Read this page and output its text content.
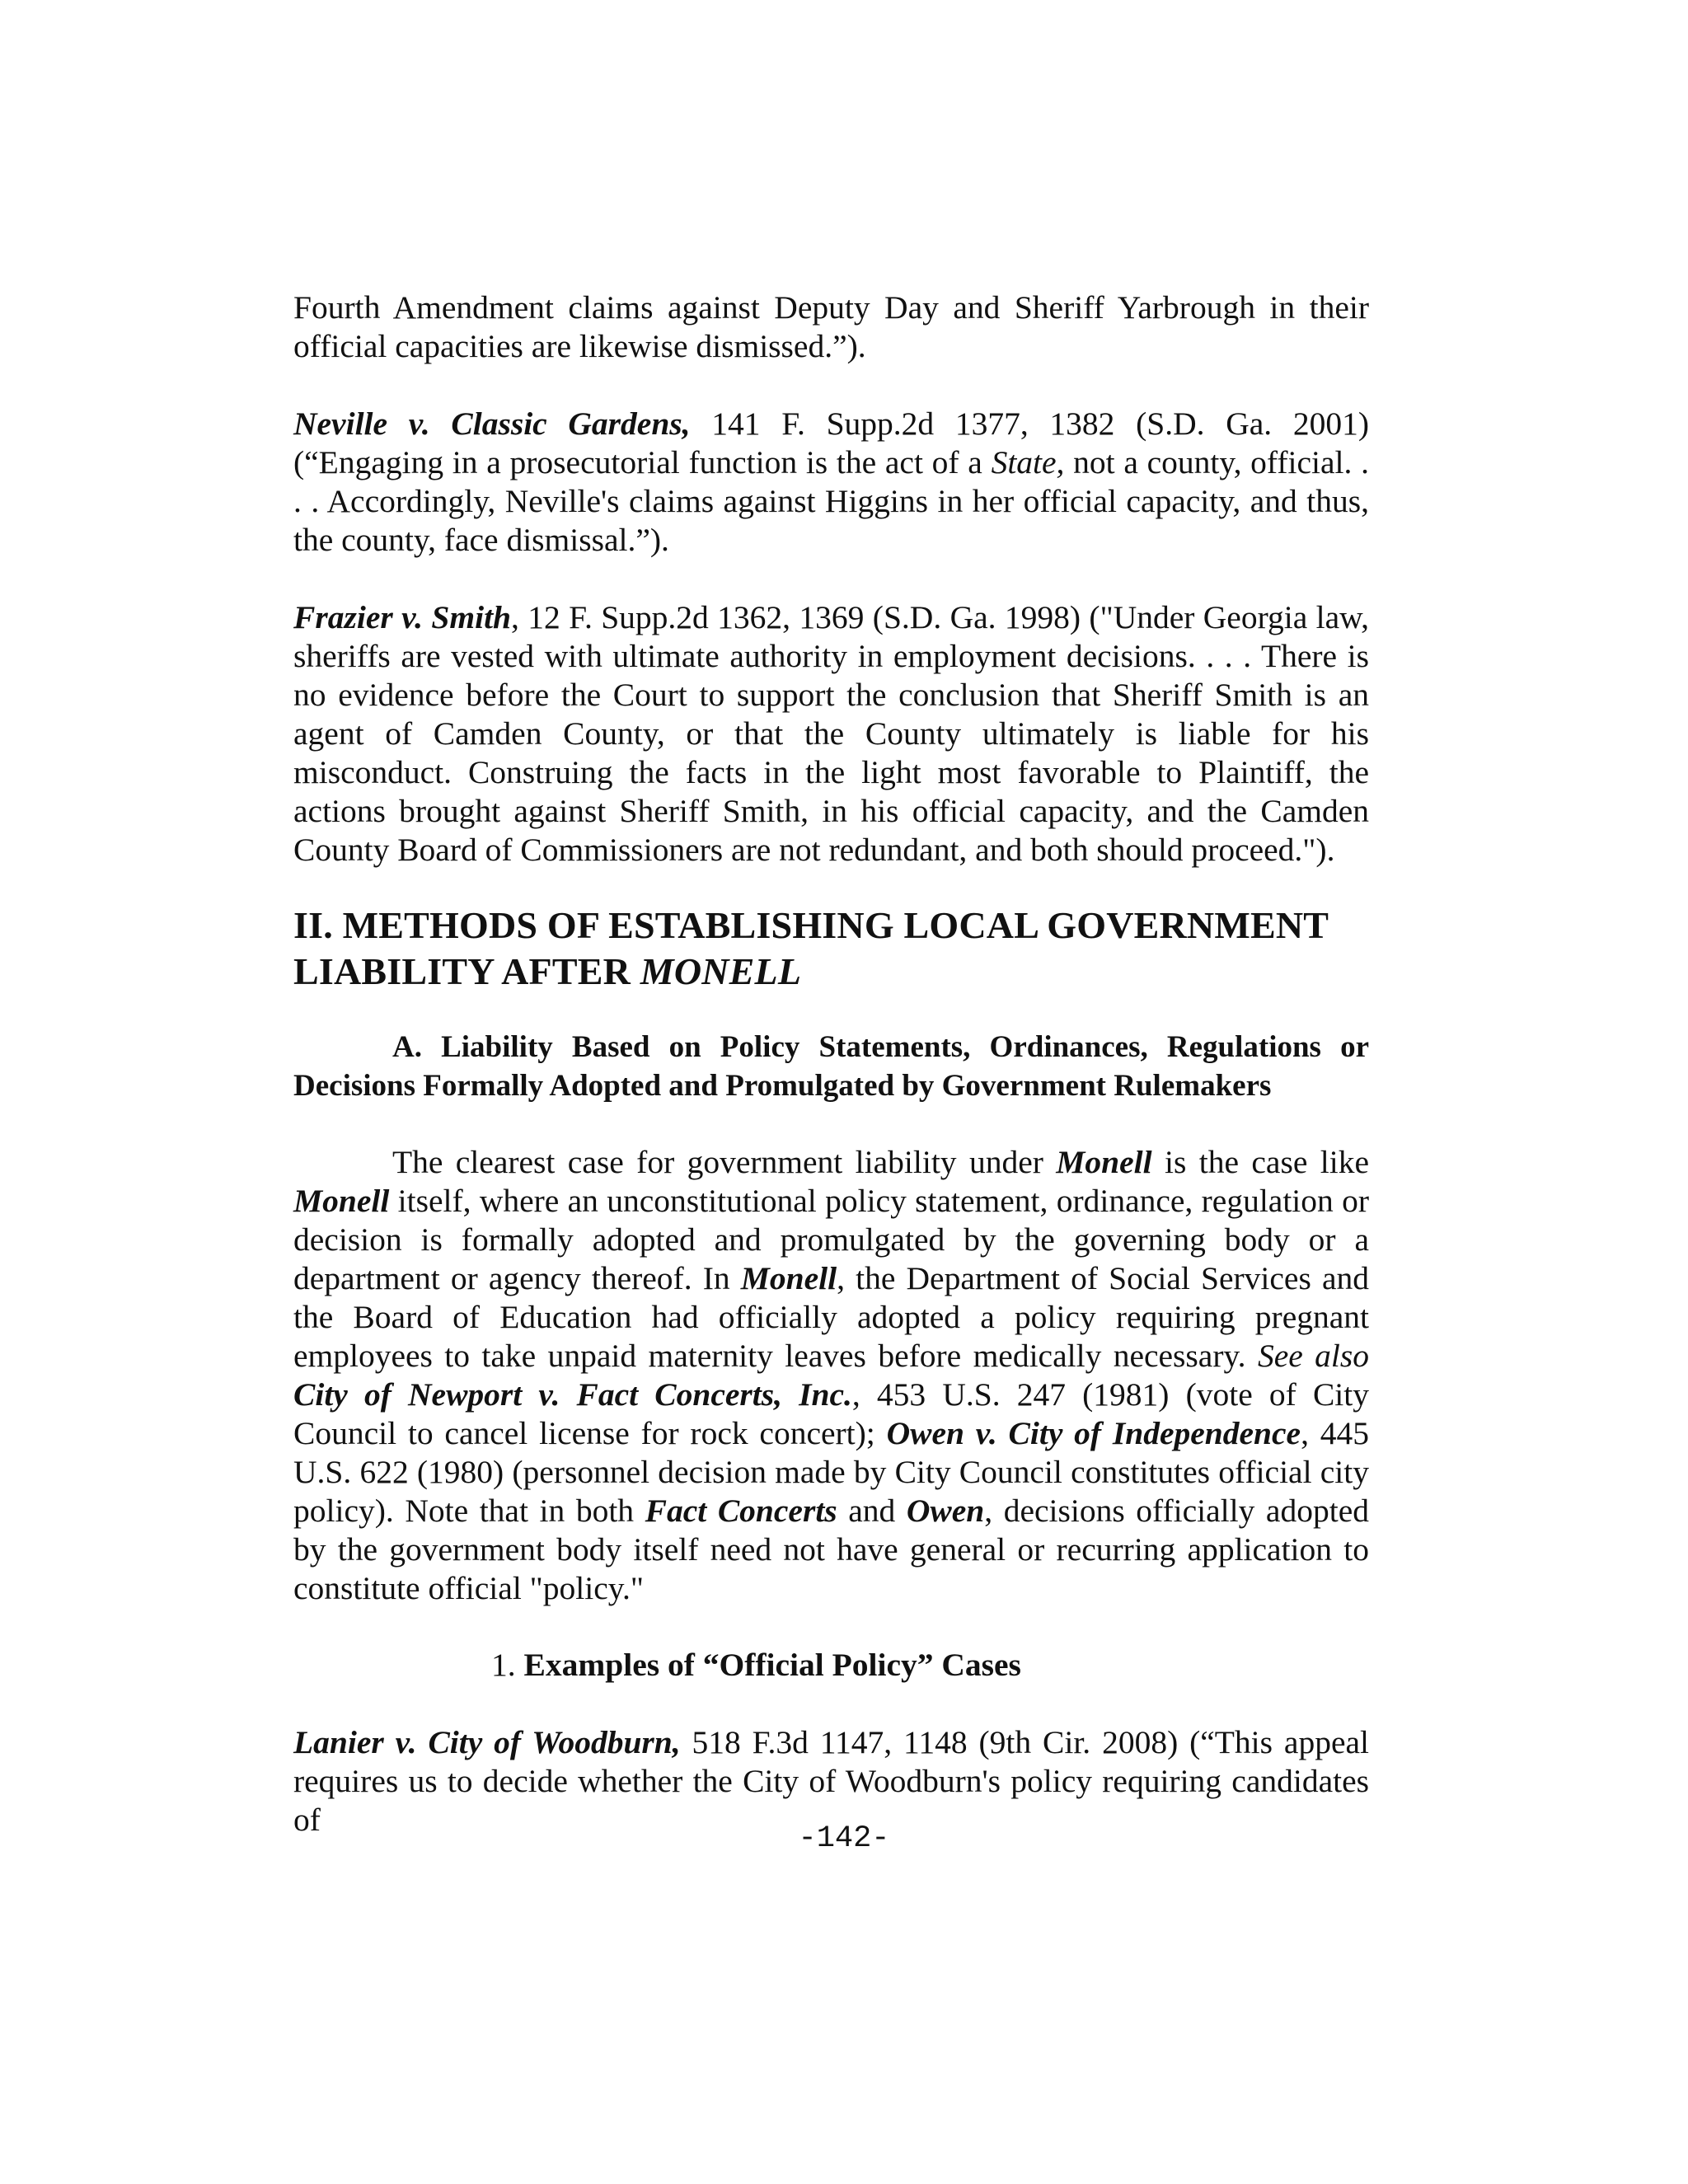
Fourth Amendment claims against Deputy Day and Sheriff Yarbrough in their official capacities are likewise dismissed.”).

Neville v. Classic Gardens, 141 F. Supp.2d 1377, 1382 (S.D. Ga. 2001) (“Engaging in a prosecutorial function is the act of a State, not a county, official. . . . Accordingly, Neville's claims against Higgins in her official capacity, and thus, the county, face dismissal.”).

Frazier v. Smith, 12 F. Supp.2d 1362, 1369 (S.D. Ga. 1998) ("Under Georgia law, sheriffs are vested with ultimate authority in employment decisions. . . . There is no evidence before the Court to support the conclusion that Sheriff Smith is an agent of Camden County, or that the County ultimately is liable for his misconduct. Construing the facts in the light most favorable to Plaintiff, the actions brought against Sheriff Smith, in his official capacity, and the Camden County Board of Commissioners are not redundant, and both should proceed.").

II. METHODS OF ESTABLISHING LOCAL GOVERNMENT LIABILITY AFTER MONELL
A. Liability Based on Policy Statements, Ordinances, Regulations or Decisions Formally Adopted and Promulgated by Government Rulemakers

The clearest case for government liability under Monell is the case like Monell itself, where an unconstitutional policy statement, ordinance, regulation or decision is formally adopted and promulgated by the governing body or a department or agency thereof. In Monell, the Department of Social Services and the Board of Education had officially adopted a policy requiring pregnant employees to take unpaid maternity leaves before medically necessary. See also City of Newport v. Fact Concerts, Inc., 453 U.S. 247 (1981) (vote of City Council to cancel license for rock concert); Owen v. City of Independence, 445 U.S. 622 (1980) (personnel decision made by City Council constitutes official city policy). Note that in both Fact Concerts and Owen, decisions officially adopted by the government body itself need not have general or recurring application to constitute official "policy."

1. Examples of “Official Policy” Cases

Lanier v. City of Woodburn, 518 F.3d 1147, 1148 (9th Cir. 2008) (“This appeal requires us to decide whether the City of Woodburn's policy requiring candidates of

-142-
